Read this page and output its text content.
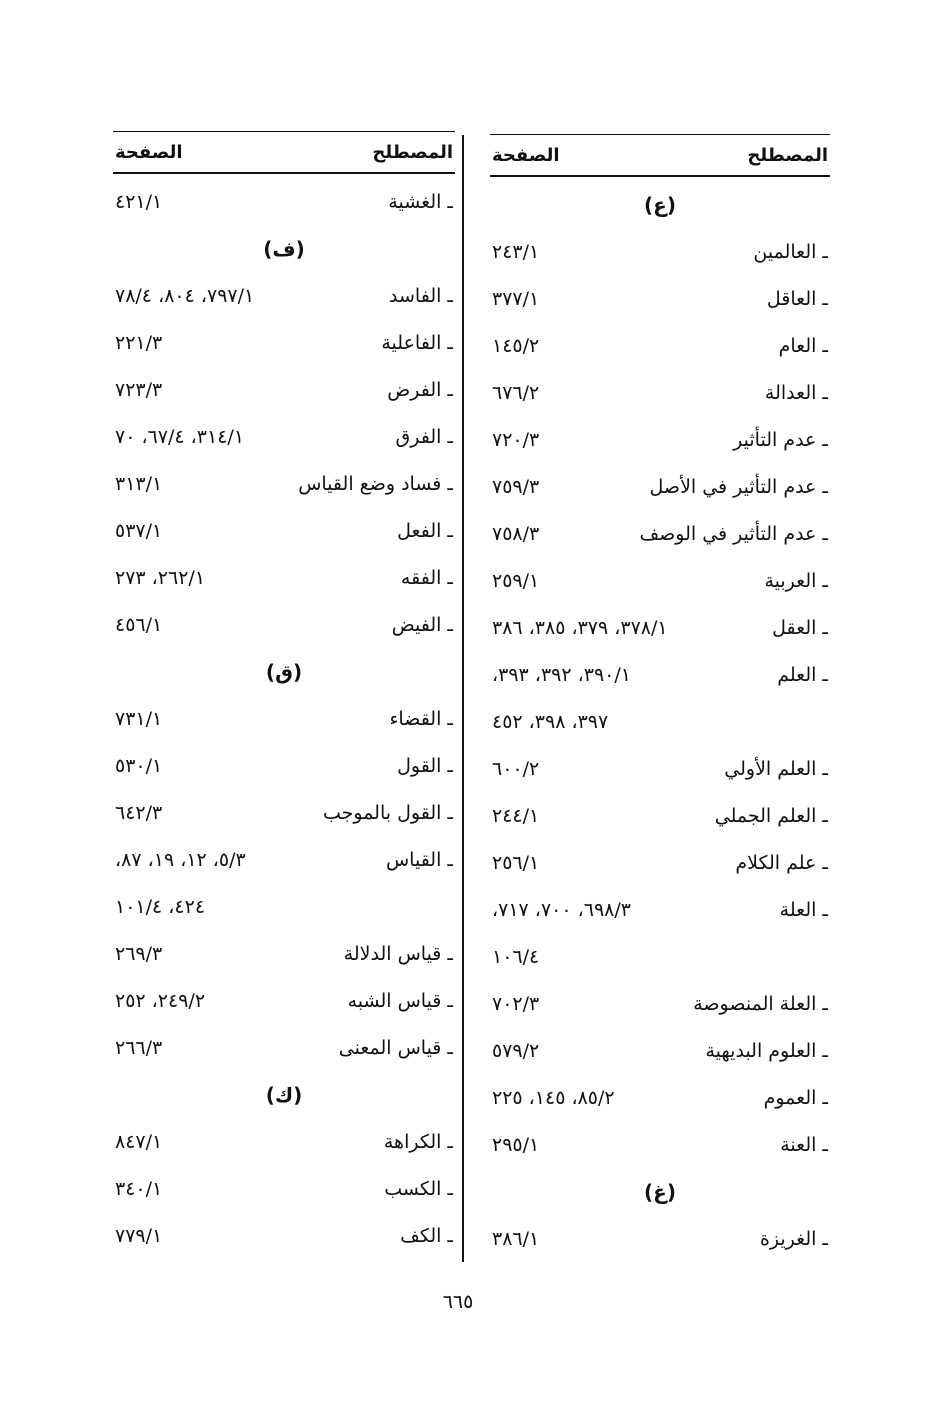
المصطلح
الصفحة
(ع)
ـ العالمين
٢٤٣/١
ـ العاقل
٣٧٧/١
ـ العام
١٤٥/٢
ـ العدالة
٦٧٦/٢
ـ عدم التأثير
٧٢٠/٣
ـ عدم التأثير في الأصل
٧٥٩/٣
ـ عدم التأثير في الوصف
٧٥٨/٣
ـ العربية
٢٥٩/١
ـ العقل
٣٧٨/١، ٣٧٩، ٣٨٥، ٣٨٦
ـ العلم
٣٩٠/١، ٣٩٢، ٣٩٣،
٣٩٧، ٣٩٨، ٤٥٢
ـ العلم الأولي
٦٠٠/٢
ـ العلم الجملي
٢٤٤/١
ـ علم الكلام
٢٥٦/١
ـ العلة
٦٩٨/٣، ٧٠٠، ٧١٧،
١٠٦/٤
ـ العلة المنصوصة
٧٠٢/٣
ـ العلوم البديهية
٥٧٩/٢
ـ العموم
٨٥/٢، ١٤٥، ٢٢٥
ـ العنة
٢٩٥/١
(غ)
ـ الغريزة
٣٨٦/١
المصطلح
الصفحة
ـ الغشية
٤٢١/١
(ف)
ـ الفاسد
٧٩٧/١، ٨٠٤، ٧٨/٤
ـ الفاعلية
٢٢١/٣
ـ الفرض
٧٢٣/٣
ـ الفرق
٣١٤/١، ٦٧/٤، ٧٠
ـ فساد وضع القياس
٣١٣/١
ـ الفعل
٥٣٧/١
ـ الفقه
٢٦٢/١، ٢٧٣
ـ الفيض
٤٥٦/١
(ق)
ـ القضاء
٧٣١/١
ـ القول
٥٣٠/١
ـ القول بالموجب
٦٤٢/٣
ـ القياس
٥/٣، ١٢، ١٩، ٨٧،
٤٢٤، ١٠١/٤
ـ قياس الدلالة
٢٦٩/٣
ـ قياس الشبه
٢٤٩/٢، ٢٥٢
ـ قياس المعنى
٢٦٦/٣
(ك)
ـ الكراهة
٨٤٧/١
ـ الكسب
٣٤٠/١
ـ الكف
٧٧٩/١
٦٦٥
